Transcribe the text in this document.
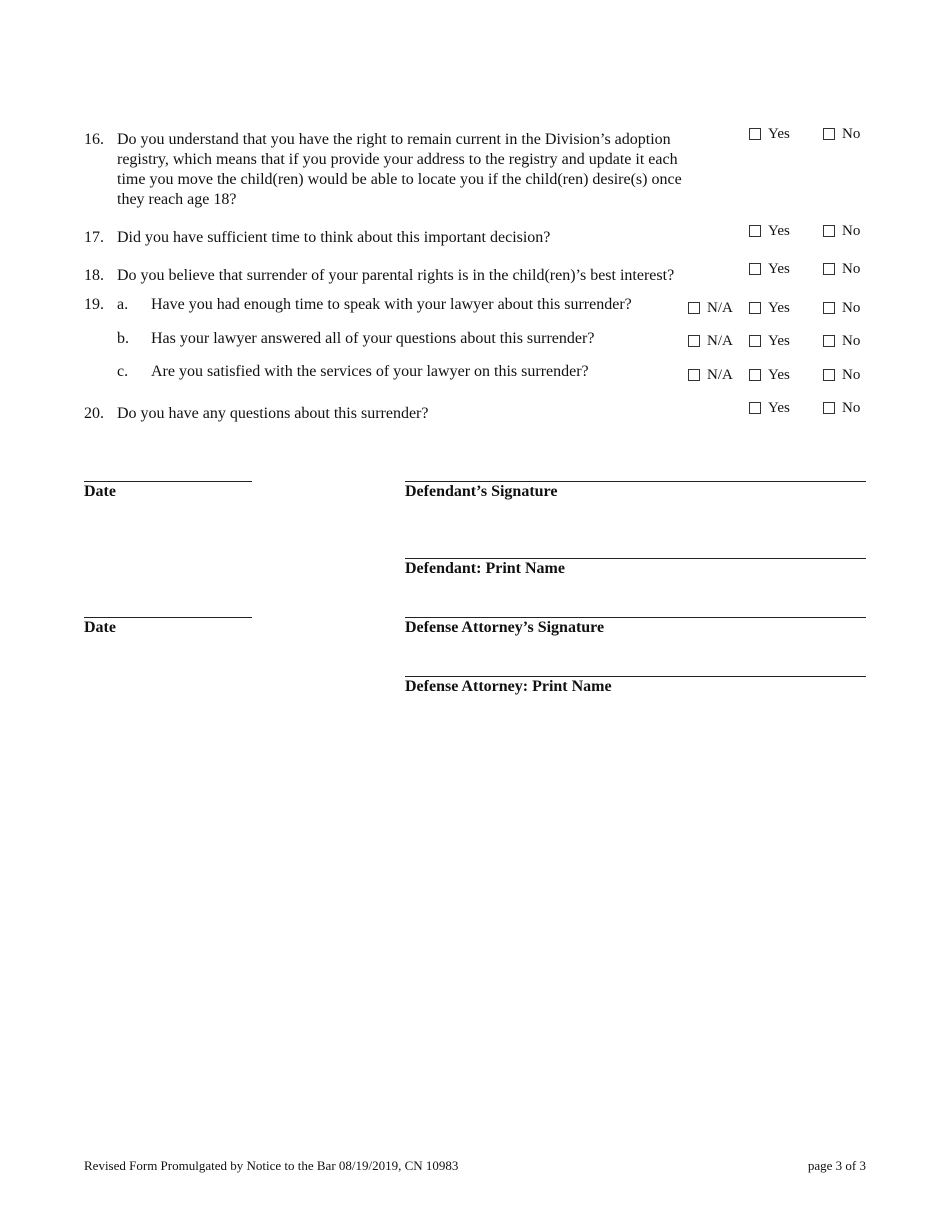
16. Do you understand that you have the right to remain current in the Division’s adoption
registry, which means that if you provide your address to the registry and update it each
time you move the child(ren) would be able to locate you if the child(ren) desire(s) once
they reach age 18?
Yes	No
17. Did you have sufficient time to think about this important decision?	Yes	No
18. Do you believe that surrender of your parental rights is in the child(ren)’s best interest?	Yes	No
19. a. Have you had enough time to speak with your lawyer about this surrender?	N/A Yes	No
b. Has your lawyer answered all of your questions about this surrender?	N/A Yes	No
c. Are you satisfied with the services of your lawyer on this surrender?	N/A Yes	No
20. Do you have any questions about this surrender?	Yes	No
Date	Defendant’s Signature
Defendant: Print Name
Date	Defense Attorney’s Signature
Defense Attorney: Print Name
Revised Form Promulgated by Notice to the Bar 08/19/2019, CN 10983	page 3 of 3
